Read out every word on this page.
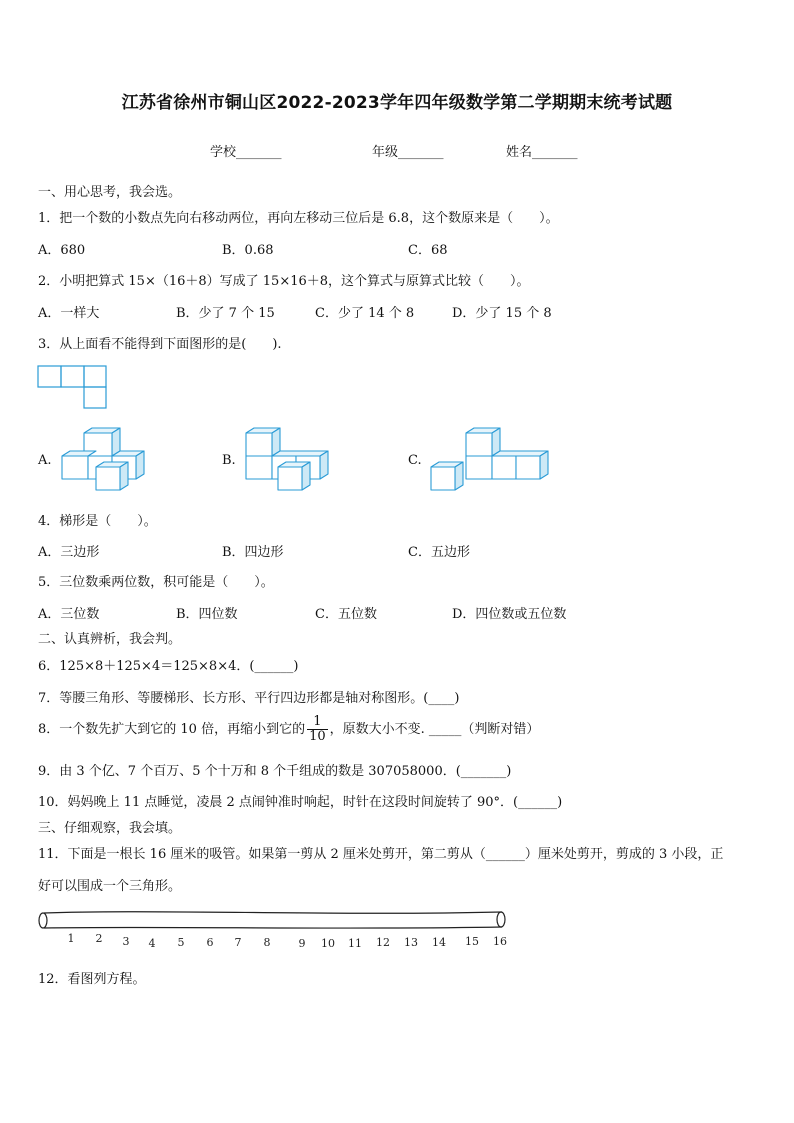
江苏省徐州市铜山区2022-2023学年四年级数学第二学期期末统考试题
学校_______	年级_______	姓名_______
一、用心思考，我会选。
1．把一个数的小数点先向右移动两位，再向左移动三位后是 6.8，这个数原来是（　　）。
A．680	B．0.68	C．68
2．小明把算式 15×（16＋8）写成了 15×16＋8，这个算式与原算式比较（　　）。
A．一样大	B．少了 7 个 15	C．少了 14 个 8	D．少了 15 个 8
3．从上面看不能得到下面图形的是(　　).
A.	B.	C.
4．梯形是（　　）。
A．三边形	B．四边形	C．五边形
5．三位数乘两位数，积可能是（　　）。
A．三位数	B．四位数	C．五位数	D．四位数或五位数
二、认真辨析，我会判。
6．125×8＋125×4＝125×8×4．(______)
7．等腰三角形、等腰梯形、长方形、平行四边形都是轴对称图形。(____)
8．一个数先扩大到它的 10 倍，再缩小到它的 $\frac{1}{10}$ ，原数大小不变. _____（判断对错）
9．由 3 个亿、7 个百万、5 个十万和 8 个千组成的数是 307058000．(_______)
10．妈妈晚上 11 点睡觉，凌晨 2 点闹钟准时响起，时针在这段时间旋转了 90°．(______)
三、仔细观察，我会填。
11．下面是一根长 16 厘米的吸管。如果第一剪从 2 厘米处剪开，第二剪从（______）厘米处剪开，剪成的 3 小段，正
好可以围成一个三角形。
1 2 3 4 5 6 7 8	9 10 11 12 13 14 15 16
12．看图列方程。
